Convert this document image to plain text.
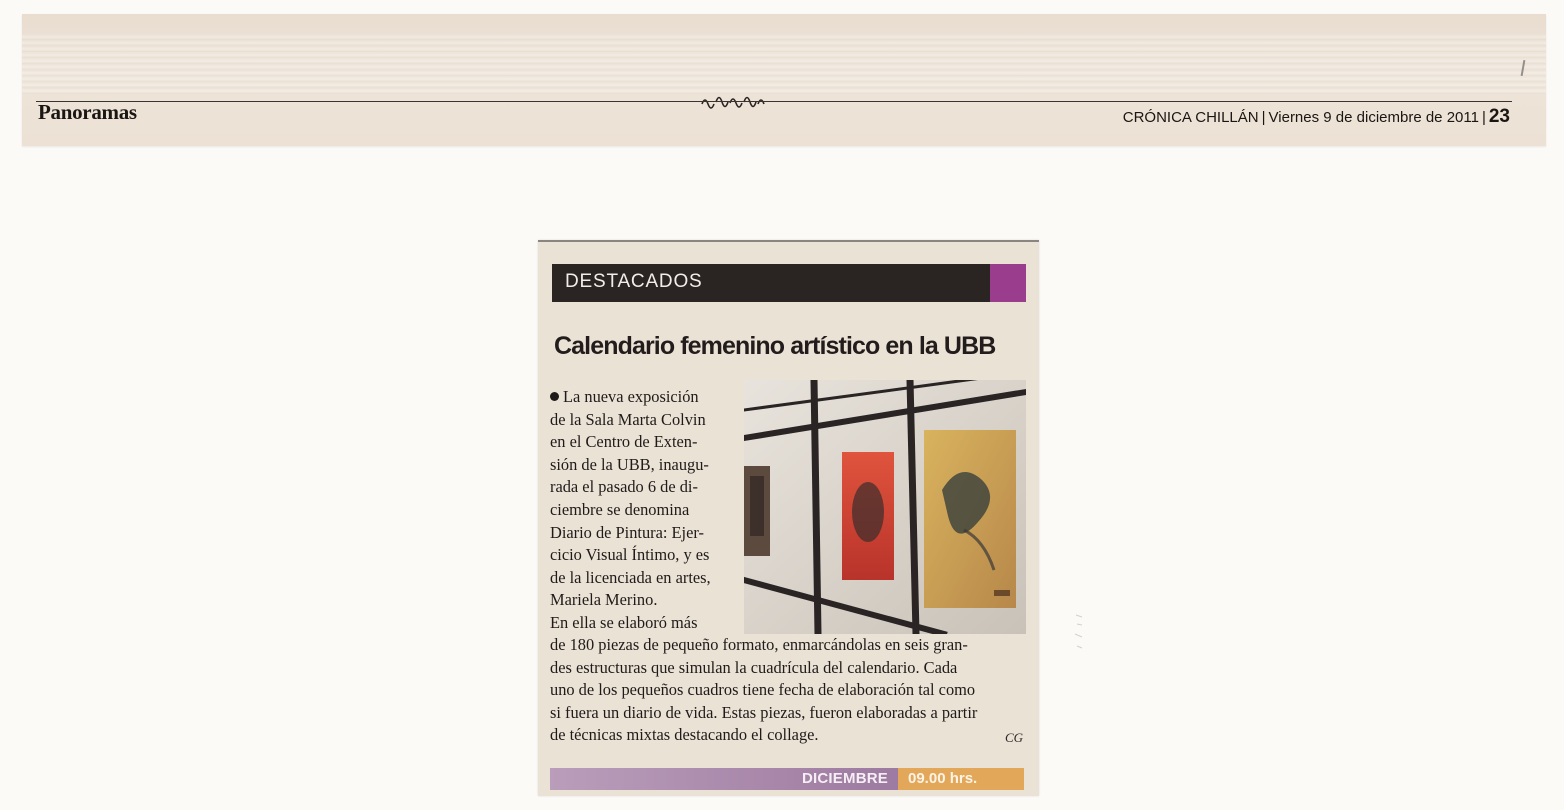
Panoramas	CRÓNICA CHILLÁN | Viernes 9 de diciembre de 2011 | 23
DESTACADOS
Calendario femenino artístico en la UBB
La nueva exposición
de la Sala Marta Colvin
en el Centro de Exten-
sión de la UBB, inaugu-
rada el pasado 6 de di-
ciembre se denomina
Diario de Pintura: Ejer-
cicio Visual Íntimo, y es
de la licenciada en artes,
Mariela Merino.
En ella se elaboró más
de 180 piezas de pequeño formato, enmarcándolas en seis gran-
des estructuras que simulan la cuadrícula del calendario. Cada
uno de los pequeños cuadros tiene fecha de elaboración tal como
si fuera un diario de vida. Estas piezas, fueron elaboradas a partir
de técnicas mixtas destacando el collage.	CG
DICIEMBRE 09.00 hrs.
